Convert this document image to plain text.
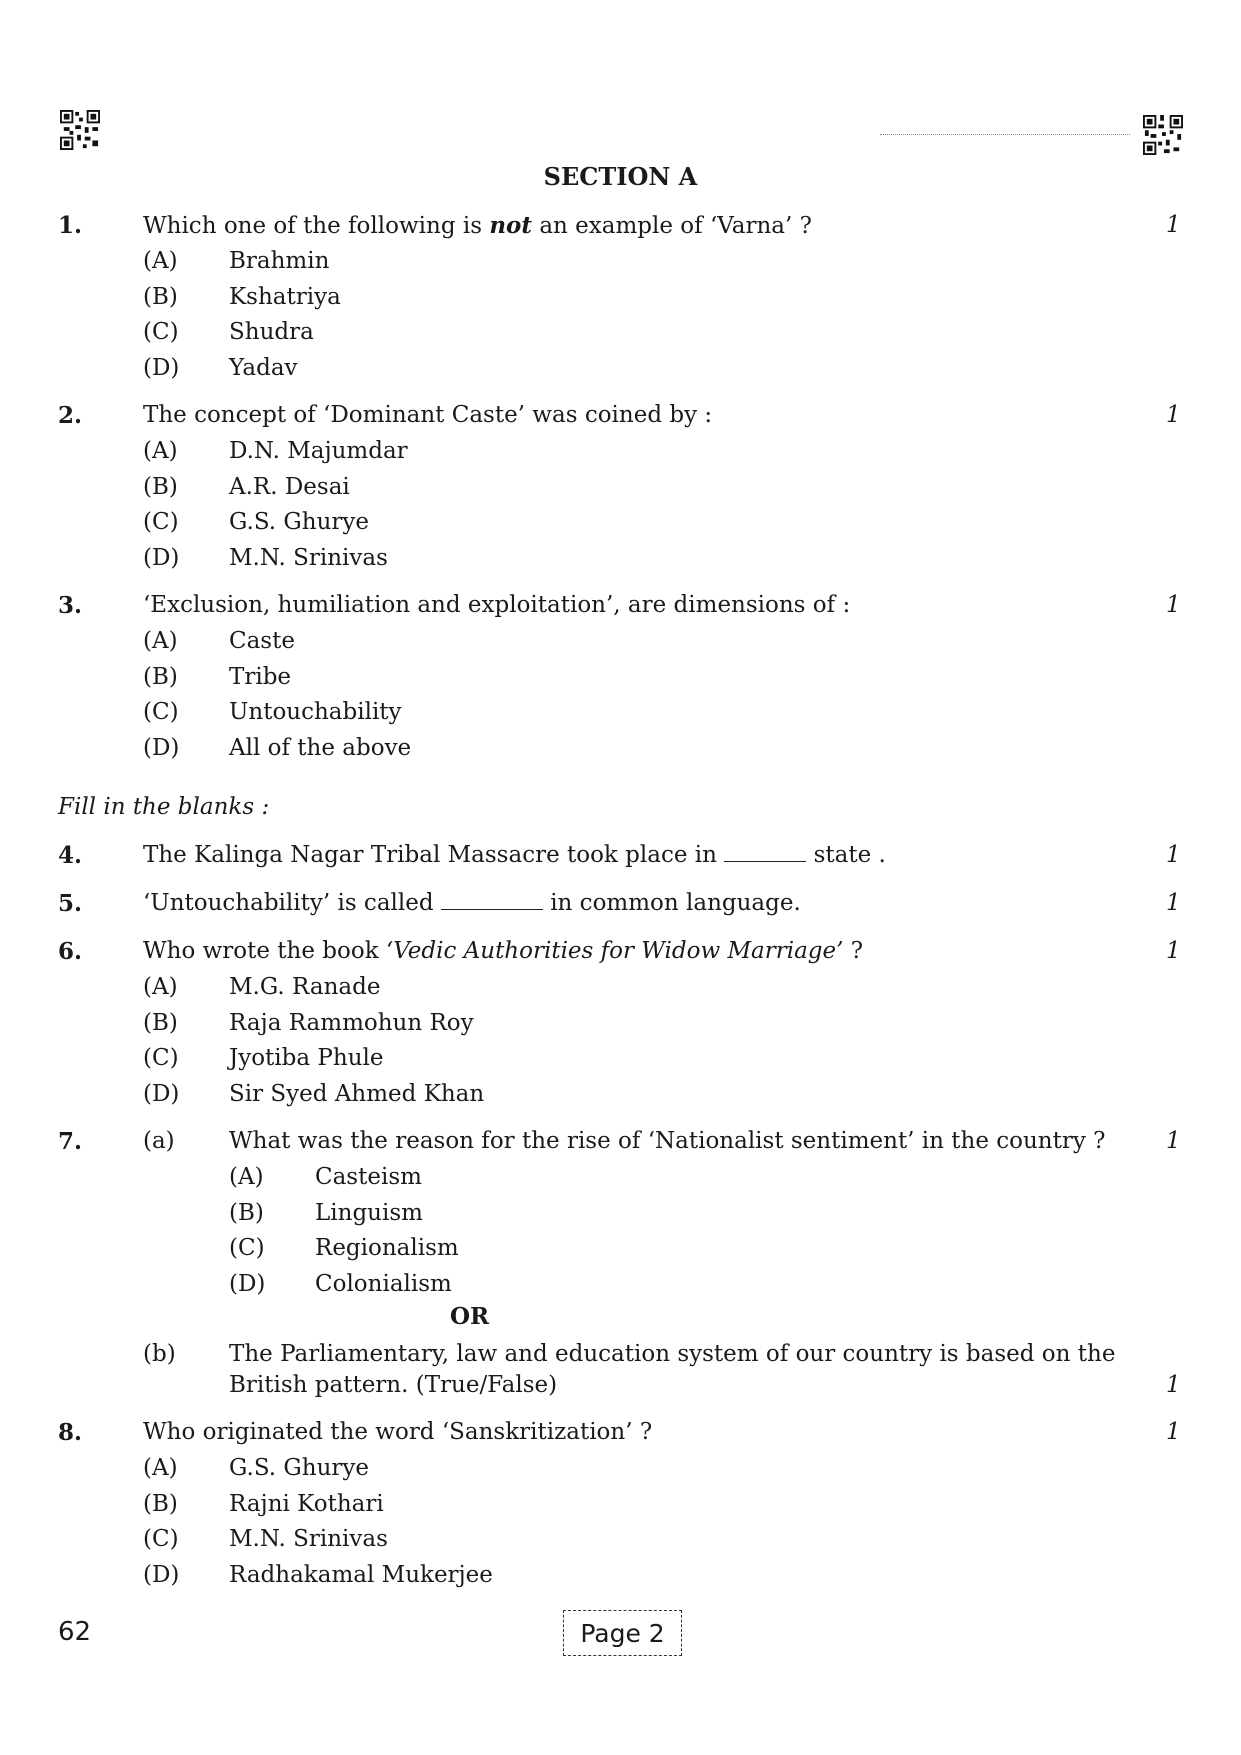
SECTION A
1.	Which one of the following is not an example of ‘Varna’ ?	1
(A) Brahmin
(B) Kshatriya
(C) Shudra
(D) Yadav
2.	The concept of ‘Dominant Caste’ was coined by :	1
(A) D.N. Majumdar
(B) A.R. Desai
(C) G.S. Ghurye
(D) M.N. Srinivas
3.	‘Exclusion, humiliation and exploitation’, are dimensions of :	1
(A) Caste
(B) Tribe
(C) Untouchability
(D) All of the above
Fill in the blanks :
4.	The Kalinga Nagar Tribal Massacre took place in	state .	1
5.	‘Untouchability’ is called	in common language.	1
6.	Who wrote the book ‘Vedic Authorities for Widow Marriage’ ?	1
(A) M.G. Ranade
(B) Raja Rammohun Roy
(C) Jyotiba Phule
(D) Sir Syed Ahmed Khan
7.	(a) What was the reason for the rise of ‘Nationalist sentiment’ in the country ?	1
(A) Casteism
(B) Linguism
(C) Regionalism
(D) Colonialism
OR
(b) The Parliamentary, law and education system of our country is based on the
British pattern. (True/False)	1
8.	Who originated the word ‘Sanskritization’ ?	1
(A) G.S. Ghurye
(B) Rajni Kothari
(C) M.N. Srinivas
(D) Radhakamal Mukerjee
62	Page 2
